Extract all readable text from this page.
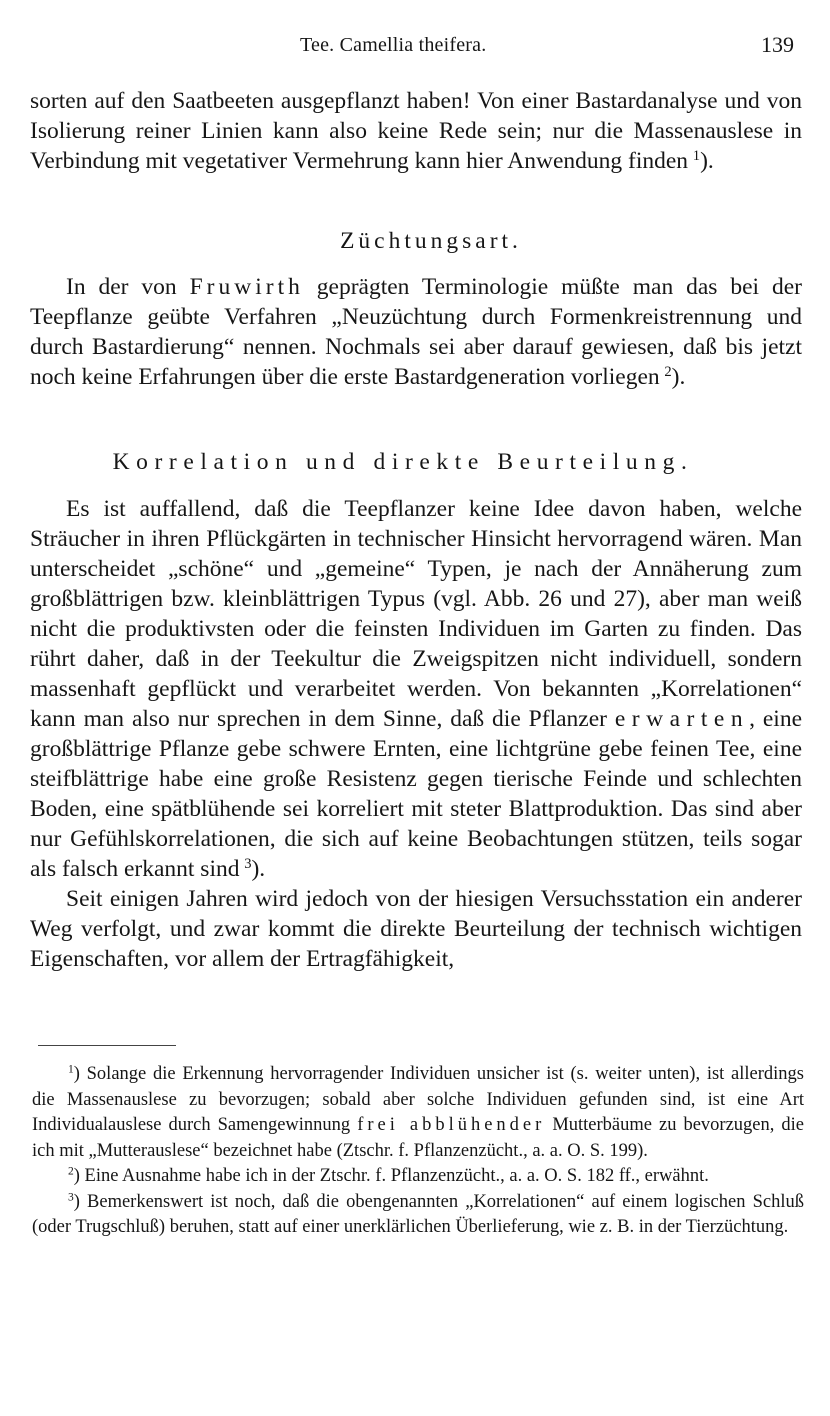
Tee. Camellia theifera.	139

sorten auf den Saatbeeten ausgepflanzt haben! Von einer Bastardanalyse und von Isolierung reiner Linien kann also keine Rede sein; nur die Massenauslese in Verbindung mit vegetativer Vermehrung kann hier Anwendung finden  $^1$).

Züchtungsart.

In der von Fruwirth geprägten Terminologie müßte man das bei der Teepflanze geübte Verfahren „Neuzüchtung durch Formenkreistrennung und durch Bastardierung“ nennen. Nochmals sei aber darauf gewiesen, daß bis jetzt noch keine Erfahrungen über die erste Bastardgeneration vorliegen  $^2$).

Korrelation und direkte Beurteilung.

Es ist auffallend, daß die Teepflanzer keine Idee davon haben, welche Sträucher in ihren Pflückgärten in technischer Hinsicht hervorragend wären. Man unterscheidet „schöne“ und „gemeine“ Typen, je nach der Annäherung zum großblättrigen bzw. kleinblättrigen Typus (vgl. Abb. 26 und 27), aber man weiß nicht die produktivsten oder die feinsten Individuen im Garten zu finden. Das rührt daher, daß in der Teekultur die Zweigspitzen nicht individuell, sondern massenhaft gepflückt und verarbeitet werden. Von bekannten „Korrelationen“ kann man also nur sprechen in dem Sinne, daß die Pflanzer erwarten, eine großblättrige Pflanze gebe schwere Ernten, eine lichtgrüne gebe feinen Tee, eine steifblättrige habe eine große Resistenz gegen tierische Feinde und schlechten Boden, eine spätblühende sei korreliert mit steter Blattproduktion. Das sind aber nur Gefühlskorrelationen, die sich auf keine Beobachtungen stützen, teils sogar als falsch erkannt sind  $^3$).

Seit einigen Jahren wird jedoch von der hiesigen Versuchsstation ein anderer Weg verfolgt, und zwar kommt die direkte Beurteilung der technisch wichtigen Eigenschaften, vor allem der Ertragfähigkeit,

$^1$) Solange die Erkennung hervorragender Individuen unsicher ist (s. weiter unten), ist allerdings die Massenauslese zu bevorzugen; sobald aber solche Individuen gefunden sind, ist eine Art Individualauslese durch Samengewinnung frei abblühender Mutterbäume zu bevorzugen, die ich mit „Mutterauslese“ bezeichnet habe (Ztschr. f. Pflanzenzücht., a. a. O. S. 199).

$^2$) Eine Ausnahme habe ich in der Ztschr. f. Pflanzenzücht., a. a. O. S. 182 ff., erwähnt.

$^3$) Bemerkenswert ist noch, daß die obengenannten „Korrelationen“ auf einem logischen Schluß (oder Trugschluß) beruhen, statt auf einer unerklärlichen Überlieferung, wie z. B. in der Tierzüchtung.
